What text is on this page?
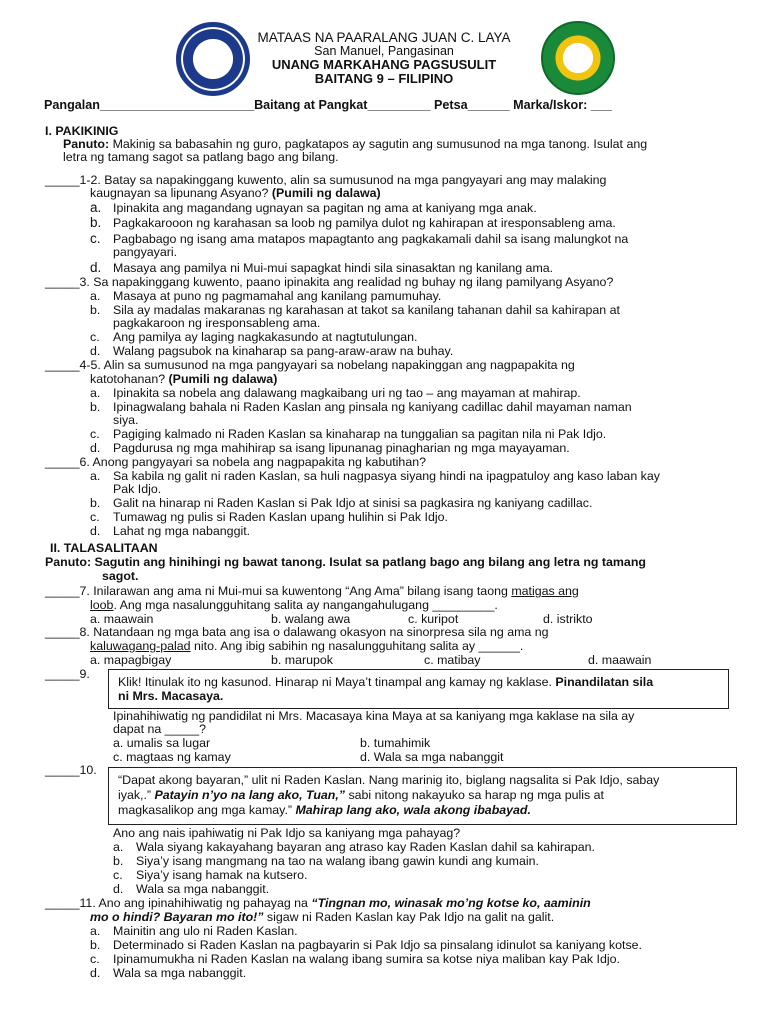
MATAAS NA PAARALANG JUAN C. LAYA
San Manuel, Pangasinan
UNANG MARKAHANG PAGSUSULIT
BAITANG 9 – FILIPINO
Pangalan______________________Baitang at Pangkat_________ Petsa______ Marka/Iskor: ___
I. PAKIKINIG
Panuto: Makinig sa babasahin ng guro, pagkatapos ay sagutin ang sumusunod na mga tanong. Isulat ang
letra ng tamang sagot sa patlang bago ang bilang.
_____1-2. Batay sa napakinggang kuwento, alin sa sumusunod na mga pangyayari ang may malaking
kaugnayan sa lipunang Asyano? (Pumili ng dalawa)
a. Ipinakita ang magandang ugnayan sa pagitan ng ama at kaniyang mga anak.
b. Pagkakarooon ng karahasan sa loob ng pamilya dulot ng kahirapan at iresponsableng ama.
c. Pagbabago ng isang ama matapos mapagtanto ang pagkakamali dahil sa isang malungkot na
pangyayari.
d. Masaya ang pamilya ni Mui-mui sapagkat hindi sila sinasaktan ng kanilang ama.
_____3. Sa napakinggang kuwento, paano ipinakita ang realidad ng buhay ng ilang pamilyang Asyano?
a. Masaya at puno ng pagmamahal ang kanilang pamumuhay.
b. Sila ay madalas makaranas ng karahasan at takot sa kanilang tahanan dahil sa kahirapan at
pagkakaroon ng iresponsableng ama.
c. Ang pamilya ay laging nagkakasundo at nagtutulungan.
d. Walang pagsubok na kinaharap sa pang-araw-araw na buhay.
_____4-5. Alin sa sumusunod na mga pangyayari sa nobelang napakinggan ang nagpapakita ng
katotohanan? (Pumili ng dalawa)
a. Ipinakita sa nobela ang dalawang magkaibang uri ng tao – ang mayaman at mahirap.
b. Ipinagwalang bahala ni Raden Kaslan ang pinsala ng kaniyang cadillac dahil mayaman naman
siya.
c. Pagiging kalmado ni Raden Kaslan sa kinaharap na tunggalian sa pagitan nila ni Pak Idjo.
d. Pagdurusa ng mga mahihirap sa isang lipunanag pinagharian ng mga mayayaman.
_____6. Anong pangyayari sa nobela ang nagpapakita ng kabutihan?
a. Sa kabila ng galit ni raden Kaslan, sa huli nagpasya siyang hindi na ipagpatuloy ang kaso laban kay
Pak Idjo.
b. Galit na hinarap ni Raden Kaslan si Pak Idjo at sinisi sa pagkasira ng kaniyang cadillac.
c. Tumawag ng pulis si Raden Kaslan upang hulihin si Pak Idjo.
d. Lahat ng mga nabanggit.
II. TALASALITAAN
Panuto: Sagutin ang hinihingi ng bawat tanong. Isulat sa patlang bago ang bilang ang letra ng tamang
sagot.
_____7. Inilarawan ang ama ni Mui-mui sa kuwentong “Ang Ama” bilang isang taong matigas ang
loob. Ang mga nasalungguhitang salita ay nangangahulugang _________.
a. maawain	b. walang awa	c. kuripot	d. istrikto
_____8. Natandaan ng mga bata ang isa o dalawang okasyon na sinorpresa sila ng ama ng
kaluwagang-palad nito. Ang ibig sabihin ng nasalungguhitang salita ay ______.
a. mapagbigay	b. marupok	c. matibay	d. maawain
_____9.
Klik! Itinulak ito ng kasunod. Hinarap ni Maya’t tinampal ang kamay ng kaklase. Pinandilatan sila
ni Mrs. Macasaya.
Ipinahihiwatig ng pandidilat ni Mrs. Macasaya kina Maya at sa kaniyang mga kaklase na sila ay
dapat na _____?
a. umalis sa lugar	b. tumahimik
c. magtaas ng kamay	d. Wala sa mga nabanggit
_____10.
“Dapat akong bayaran,” ulit ni Raden Kaslan. Nang marinig ito, biglang nagsalita si Pak Idjo, sabay
iyak,.” Patayin n’yo na lang ako, Tuan,” sabi nitong nakayuko sa harap ng mga pulis at
magkasalikop ang mga kamay.” Mahirap lang ako, wala akong ibabayad.
Ano ang nais ipahiwatig ni Pak Idjo sa kaniyang mga pahayag?
a. Wala siyang kakayahang bayaran ang atraso kay Raden Kaslan dahil sa kahirapan.
b. Siya’y isang mangmang na tao na walang ibang gawin kundi ang kumain.
c. Siya’y isang hamak na kutsero.
d. Wala sa mga nabanggit.
_____11. Ano ang ipinahihiwatig ng pahayag na “Tingnan mo, winasak mo’ng kotse ko, aaminin
mo o hindi? Bayaran mo ito!” sigaw ni Raden Kaslan kay Pak Idjo na galit na galit.
a. Mainitin ang ulo ni Raden Kaslan.
b. Determinado si Raden Kaslan na pagbayarin si Pak Idjo sa pinsalang idinulot sa kaniyang kotse.
c. Ipinamumukha ni Raden Kaslan na walang ibang sumira sa kotse niya maliban kay Pak Idjo.
d. Wala sa mga nabanggit.
